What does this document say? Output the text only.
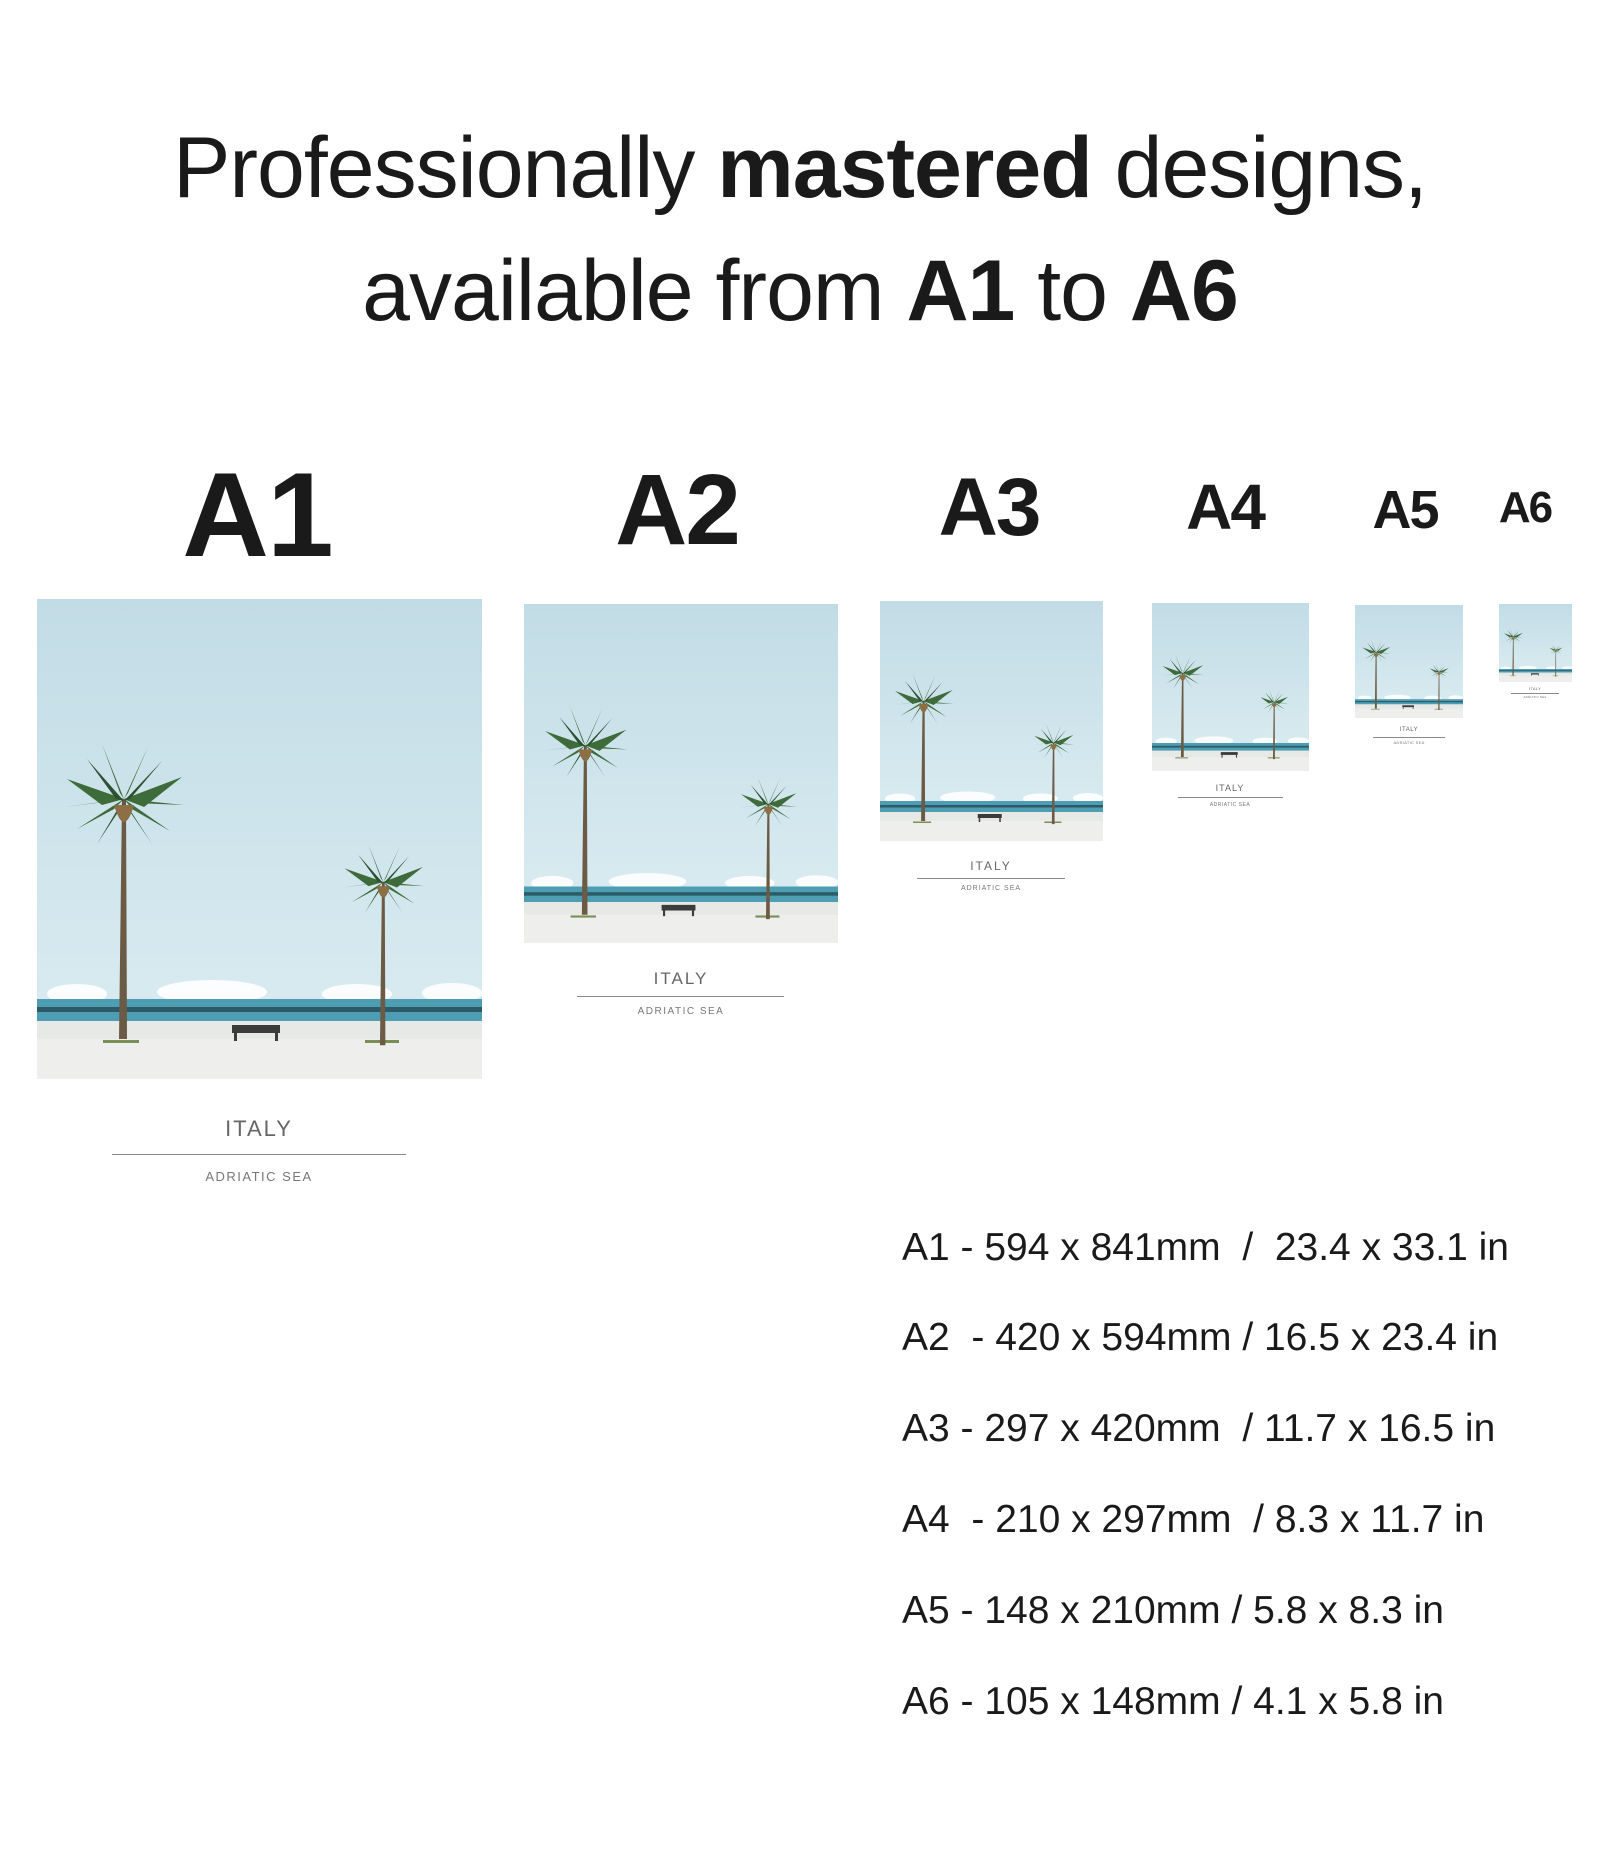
Professionally mastered designs,
available from A1 to A6
A1	A2	A3	A4	A5	A6
ITALY
ADRIATIC SEA
ITALY
ADRIATIC SEA
ITALY
ADRIATIC SEA
ITALY
ADRIATIC SEA
ITALY
ADRIATIC SEA
ITALY
ADRIATIC SEA
A1 - 594 x 841mm  /  23.4 x 33.1 in
A2  - 420 x 594mm / 16.5 x 23.4 in
A3 - 297 x 420mm  / 11.7 x 16.5 in
A4  - 210 x 297mm  / 8.3 x 11.7 in
A5 - 148 x 210mm / 5.8 x 8.3 in
A6 - 105 x 148mm / 4.1 x 5.8 in
